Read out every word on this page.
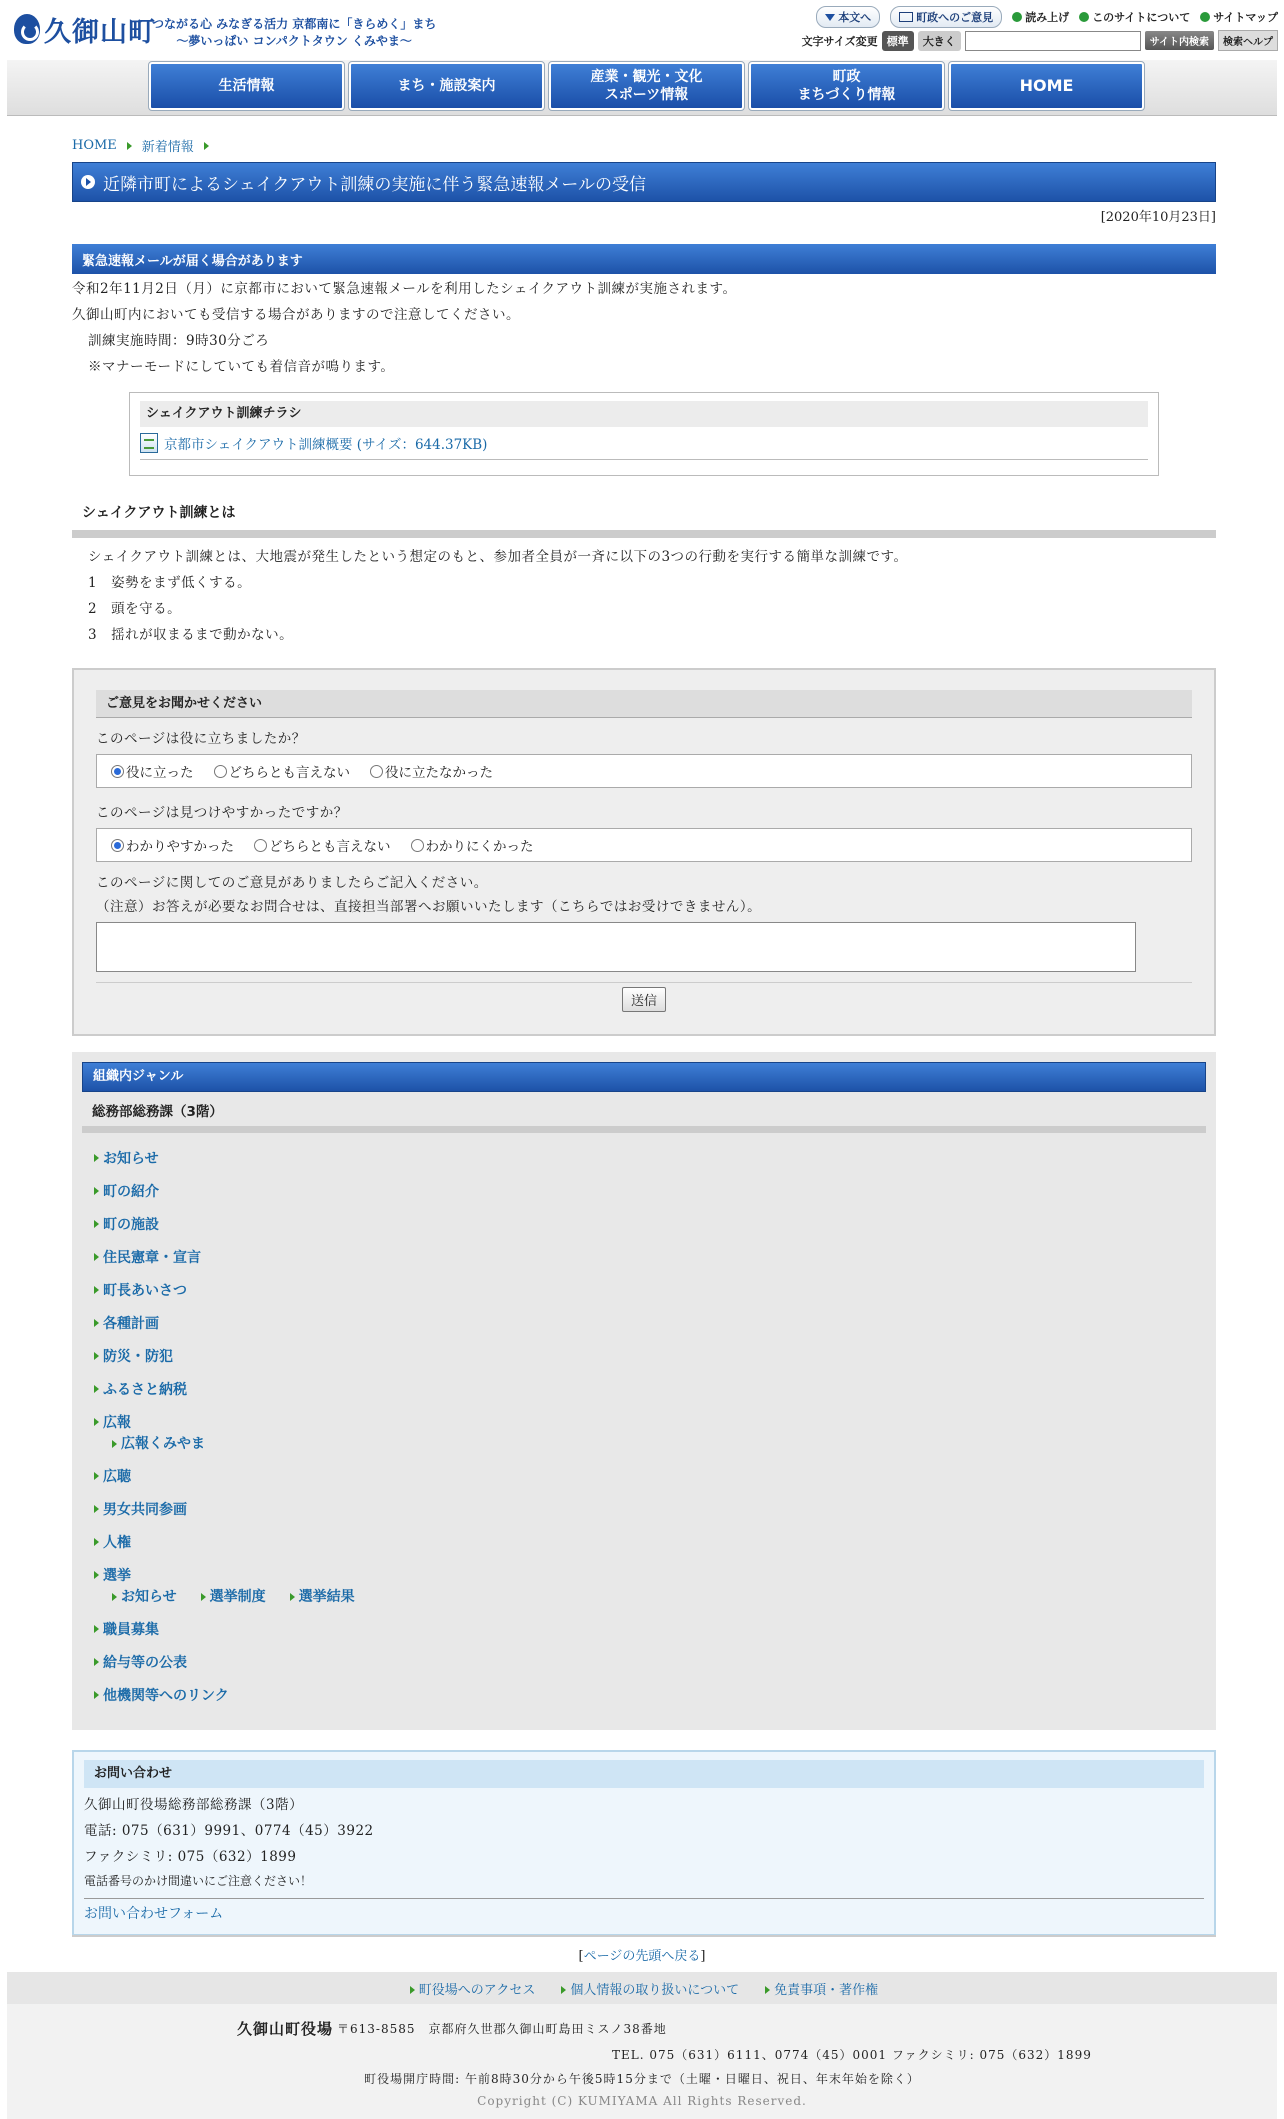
久御山町
つながる心 みなぎる活力 京都南に「きらめく」まち
～夢いっぱい コンパクトタウン くみやま～
本文へ	町政へのご意見	読み上げ	このサイトについて	サイトマップ
文字サイズ変更 標準	大きく	サイト内検索	検索ヘルプ
生活情報	まち・施設案内
産業・観光・文化
スポーツ情報
町政
まちづくり情報	HOME
HOME 新着情報
近隣市町によるシェイクアウト訓練の実施に伴う緊急速報メールの受信
[2020年10月23日]
緊急速報メールが届く場合があります
令和2年11月2日（月）に京都市において緊急速報メールを利用したシェイクアウト訓練が実施されます。
久御山町内においても受信する場合がありますので注意してください。
訓練実施時間：9時30分ごろ
※マナーモードにしていても着信音が鳴ります。
シェイクアウト訓練チラシ
京都市シェイクアウト訓練概要 (サイズ：644.37KB)
シェイクアウト訓練とは
シェイクアウト訓練とは、大地震が発生したという想定のもと、参加者全員が一斉に以下の3つの行動を実行する簡単な訓練です。
1　姿勢をまず低くする。
2　頭を守る。
3　揺れが収まるまで動かない。
ご意見をお聞かせください
このページは役に立ちましたか？
役に立った	どちらとも言えない	役に立たなかった
このページは見つけやすかったですか？
わかりやすかった	どちらとも言えない	わかりにくかった
このページに関してのご意見がありましたらご記入ください。
（注意）お答えが必要なお問合せは、直接担当部署へお願いいたします（こちらではお受けできません）。
送信
組織内ジャンル
総務部総務課（3階）
お知らせ
町の紹介
町の施設
住民憲章・宣言
町長あいさつ
各種計画
防災・防犯
ふるさと納税
広報
広報くみやま
広聴
男女共同参画
人権
選挙
お知らせ	選挙制度	選挙結果
職員募集
給与等の公表
他機関等へのリンク
お問い合わせ
久御山町役場総務部総務課（3階）
電話: 075（631）9991、0774（45）3922
ファクシミリ: 075（632）1899
電話番号のかけ間違いにご注意ください！
お問い合わせフォーム
[ページの先頭へ戻る]
町役場へのアクセス	個人情報の取り扱いについて	免責事項・著作権
久御山町役場 〒613-8585　京都府久世郡久御山町島田ミスノ38番地
TEL. 075（631）6111、0774（45）0001 ファクシミリ: 075（632）1899
町役場開庁時間: 午前8時30分から午後5時15分まで（土曜・日曜日、祝日、年末年始を除く）
Copyright (C) KUMIYAMA All Rights Reserved.
